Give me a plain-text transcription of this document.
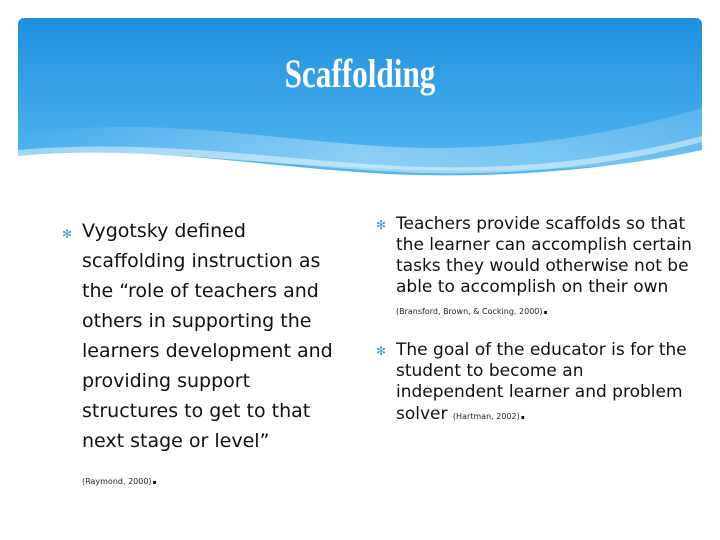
Scaffolding
✻ Vygotsky defined scaffolding instruction as the “role of teachers and others in supporting the learners development and providing support structures to get to that next stage or level”
(Raymond, 2000).
✻ Teachers provide scaffolds so that the learner can accomplish certain tasks they would otherwise not be able to accomplish on their own (Bransford, Brown, & Cocking, 2000).
✻ The goal of the educator is for the student to become an independent learner and problem solver (Hartman, 2002).
